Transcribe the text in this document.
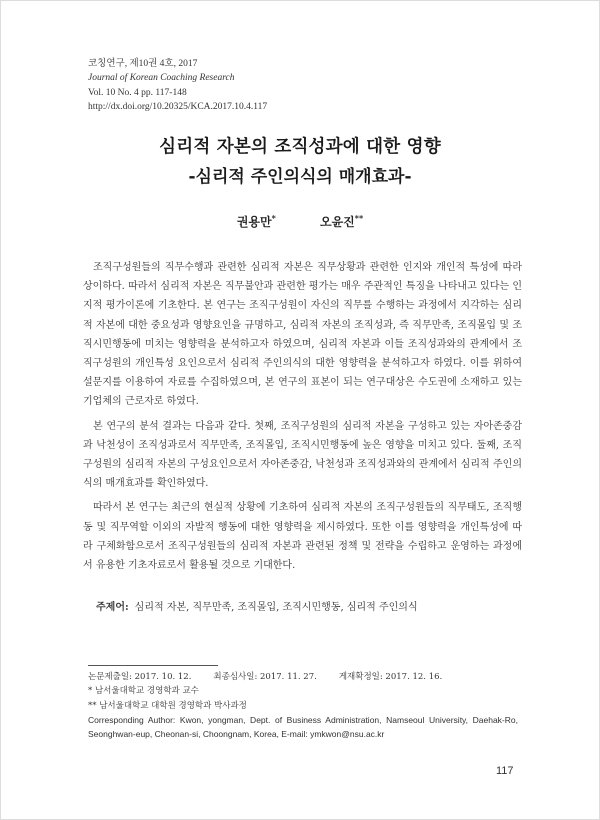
코칭연구, 제10권 4호, 2017
Journal of Korean Coaching Research
Vol. 10 No. 4 pp. 117-148
http://dx.doi.org/10.20325/KCA.2017.10.4.117
심리적 자본의 조직성과에 대한 영향
-심리적 주인의식의 매개효과-
권용만*	오윤진**

조직구성원들의 직무수행과 관련한 심리적 자본은 직무상황과 관련한 인지와 개인적 특성에 따라 상이하다. 따라서 심리적 자본은 직무불안과 관련한 평가는 매우 주관적인 특징을 나타내고 있다는 인지적 평가이론에 기초한다. 본 연구는 조직구성원이 자신의 직무를 수행하는 과정에서 지각하는 심리적 자본에 대한 중요성과 영향요인을 규명하고, 심리적 자본의 조직성과, 즉 직무만족, 조직몰입 및 조직시민행동에 미치는 영향력을 분석하고자 하였으며, 심리적 자본과 이들 조직성과와의 관계에서 조직구성원의 개인특성 요인으로서 심리적 주인의식의 대한 영향력을 분석하고자 하였다. 이를 위하여 설문지를 이용하여 자료를 수집하였으며, 본 연구의 표본이 되는 연구대상은 수도권에 소재하고 있는 기업체의 근로자로 하였다.

본 연구의 분석 결과는 다음과 같다. 첫째, 조직구성원의 심리적 자본을 구성하고 있는 자아존중감과 낙천성이 조직성과로서 직무만족, 조직몰입, 조직시민행동에 높은 영향을 미치고 있다. 둘째, 조직구성원의 심리적 자본의 구성요인으로서 자아존중감, 낙천성과 조직성과와의 관계에서 심리적 주인의식의 매개효과를 확인하였다.

따라서 본 연구는 최근의 현실적 상황에 기초하여 심리적 자본의 조직구성원들의 직무태도, 조직행동 및 직무역할 이외의 자발적 행동에 대한 영향력을 제시하였다. 또한 이를 영향력을 개인특성에 따라 구체화함으로서 조직구성원들의 심리적 자본과 관련된 정책 및 전략을 수립하고 운영하는 과정에서 유용한 기초자료로서 활용될 것으로 기대한다.

주제어: 심리적 자본, 직무만족, 조직몰입, 조직시민행동, 심리적 주인의식
논문제출일: 2017. 10. 12.	최종심사일: 2017. 11. 27.	게재확정일: 2017. 12. 16.
* 남서울대학교 경영학과 교수
** 남서울대학교 대학원 경영학과 박사과정
Corresponding Author: Kwon, yongman, Dept. of Business Administration, Namseoul University, Daehak-Ro, Seonghwan-eup, Cheonan-si, Choongnam, Korea, E-mail: ymkwon@nsu.ac.kr
117
